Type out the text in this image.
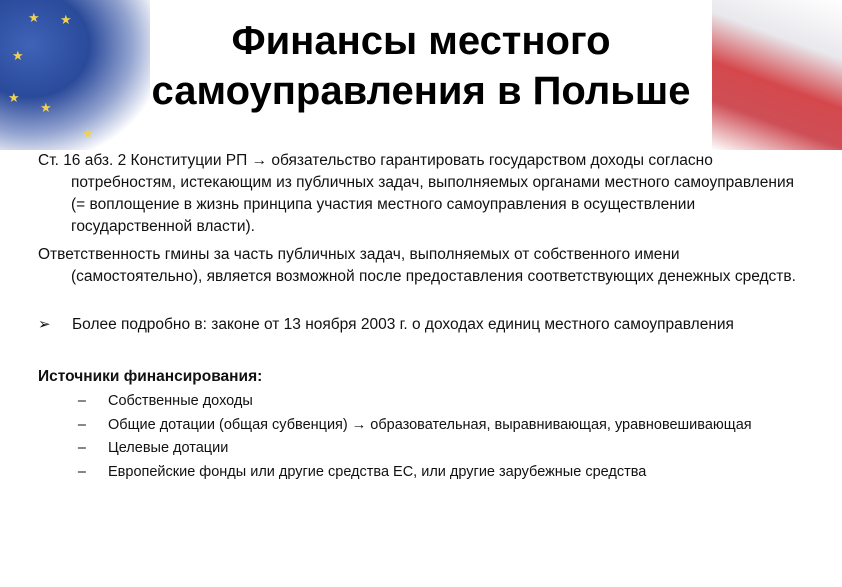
★ ★
★
★
★
★
Финансы местного самоуправления в Польше

Ст. 16 абз. 2 Конституции РП → обязательство гарантировать государством доходы согласно потребностям, истекающим из публичных задач, выполняемых органами местного самоуправления (= воплощение в жизнь принципа участия местного самоуправления в осуществлении государственной власти).

Ответственность гмины за часть публичных задач, выполняемых от собственного имени (самостоятельно), является возможной после предоставления соответствующих денежных средств.

➢	Более подробно в: законе от 13 ноября 2003 г. о доходах единиц местного самоуправления
Источники финансирования:
–	Собственные доходы
–	Общие дотации (общая субвенция) → образовательная, выравнивающая, уравновешивающая
–	Целевые дотации
–	Европейские фонды или другие средства ЕС, или другие зарубежные средства
